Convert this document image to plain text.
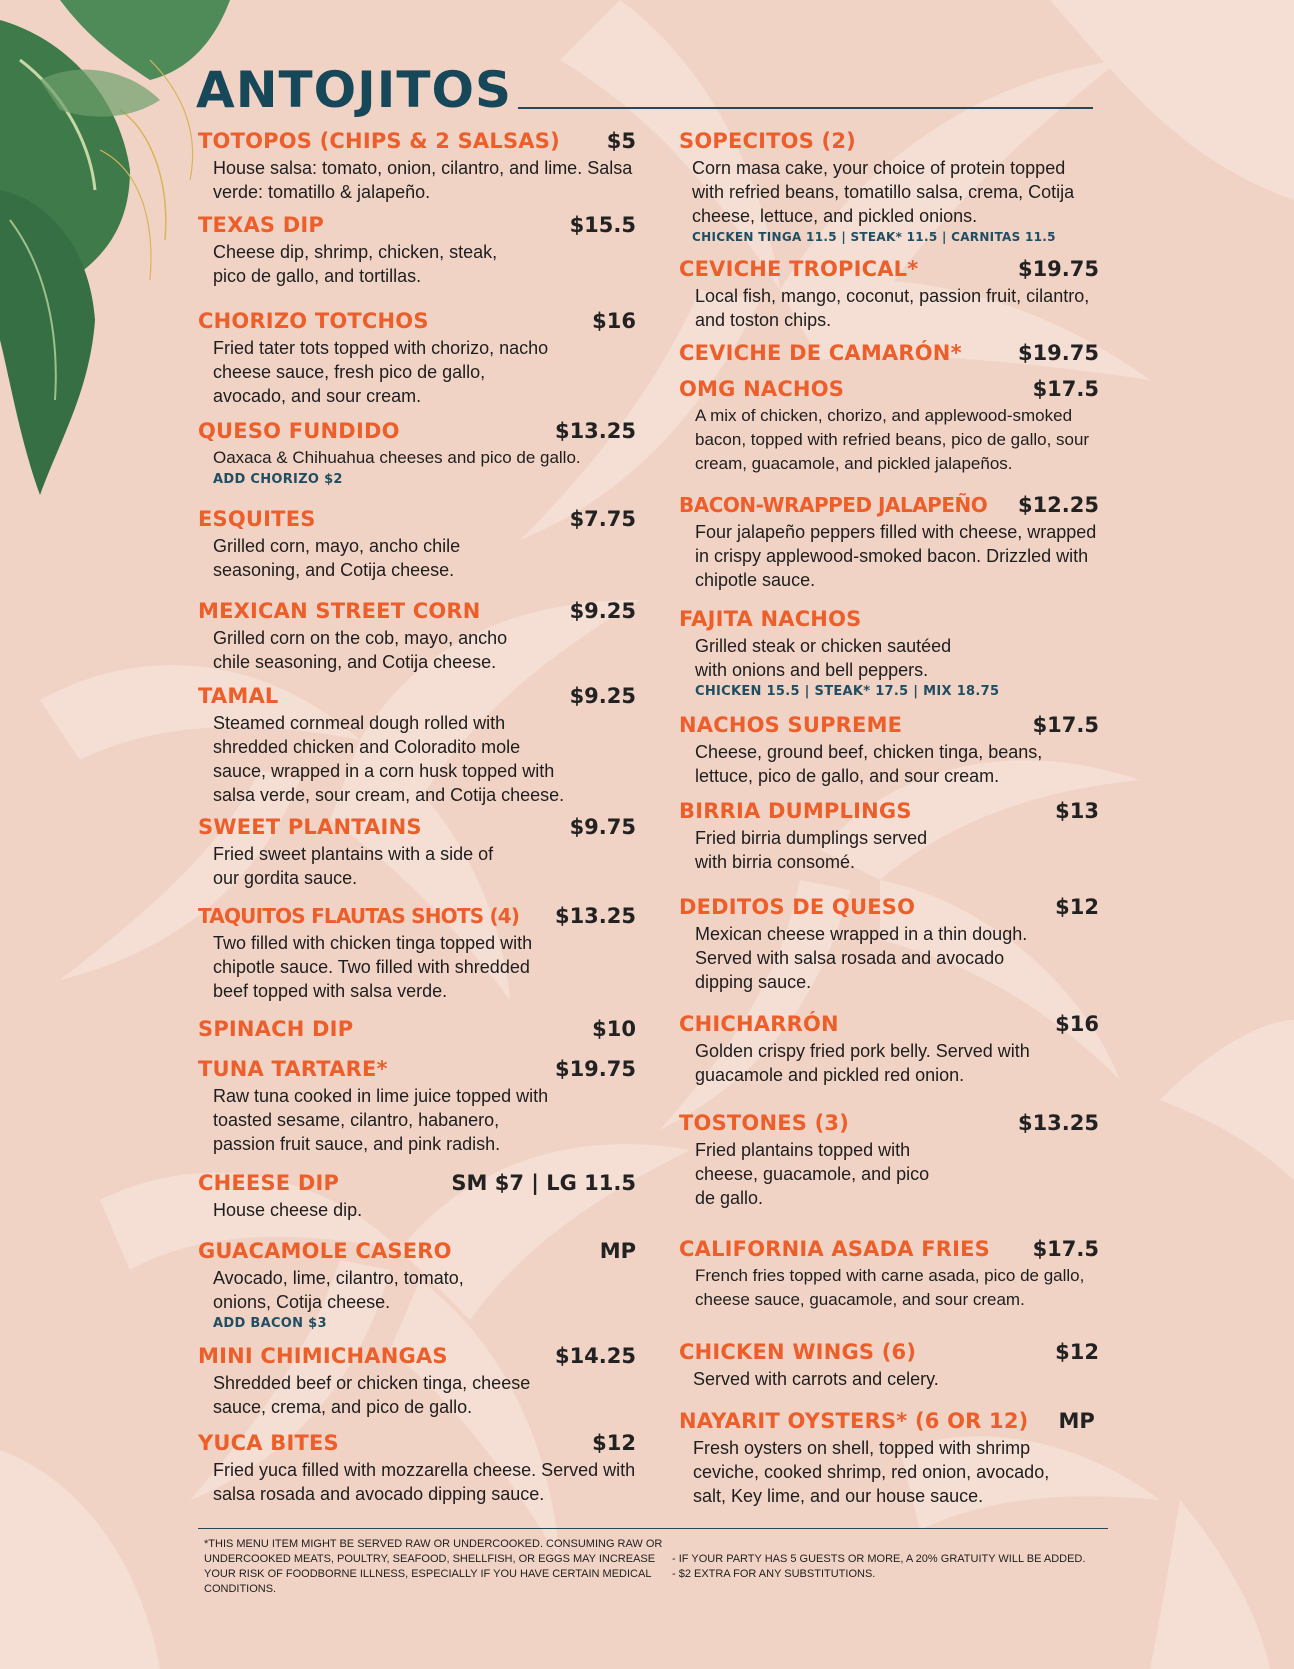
ANTOJITOS
TOTOPOS (CHIPS & 2 SALSAS) $5
House salsa: tomato, onion, cilantro, and lime. Salsa verde: tomatillo & jalapeño.
TEXAS DIP	$15.5
Cheese dip, shrimp, chicken, steak, pico de gallo, and tortillas.
CHORIZO TOTCHOS	$16
Fried tater tots topped with chorizo, nacho cheese sauce, fresh pico de gallo, avocado, and sour cream.
QUESO FUNDIDO	$13.25
Oaxaca & Chihuahua cheeses and pico de gallo.
ADD CHORIZO $2
ESQUITES	$7.75
Grilled corn, mayo, ancho chile seasoning, and Cotija cheese.
MEXICAN STREET CORN	$9.25
Grilled corn on the cob, mayo, ancho chile seasoning, and Cotija cheese.
TAMAL	$9.25
Steamed cornmeal dough rolled with shredded chicken and Coloradito mole sauce, wrapped in a corn husk topped with salsa verde, sour cream, and Cotija cheese.
SWEET PLANTAINS	$9.75
Fried sweet plantains with a side of our gordita sauce.
TAQUITOS FLAUTAS SHOTS (4) $13.25
Two filled with chicken tinga topped with chipotle sauce. Two filled with shredded beef topped with salsa verde.
SPINACH DIP	$10
TUNA TARTARE*	$19.75
Raw tuna cooked in lime juice topped with toasted sesame, cilantro, habanero, passion fruit sauce, and pink radish.
CHEESE DIP	SM $7 | LG 11.5
House cheese dip.
GUACAMOLE CASERO	MP
Avocado, lime, cilantro, tomato, onions, Cotija cheese.
ADD BACON $3
MINI CHIMICHANGAS	$14.25
Shredded beef or chicken tinga, cheese sauce, crema, and pico de gallo.
YUCA BITES	$12
Fried yuca filled with mozzarella cheese. Served with salsa rosada and avocado dipping sauce.
SOPECITOS (2)
Corn masa cake, your choice of protein topped with refried beans, tomatillo salsa, crema, Cotija cheese, lettuce, and pickled onions.
CHICKEN TINGA 11.5 | STEAK* 11.5 | CARNITAS 11.5
CEVICHE TROPICAL*	$19.75
Local fish, mango, coconut, passion fruit, cilantro, and toston chips.
CEVICHE DE CAMARÓN*	$19.75
OMG NACHOS	$17.5
A mix of chicken, chorizo, and applewood-smoked bacon, topped with refried beans, pico de gallo, sour cream, guacamole, and pickled jalapeños.
BACON-WRAPPED JALAPEÑO $12.25
Four jalapeño peppers filled with cheese, wrapped in crispy applewood-smoked bacon. Drizzled with chipotle sauce.
FAJITA NACHOS
Grilled steak or chicken sautéed with onions and bell peppers.
CHICKEN 15.5 | STEAK* 17.5 | MIX 18.75
NACHOS SUPREME	$17.5
Cheese, ground beef, chicken tinga, beans, lettuce, pico de gallo, and sour cream.
BIRRIA DUMPLINGS	$13
Fried birria dumplings served with birria consomé.
DEDITOS DE QUESO	$12
Mexican cheese wrapped in a thin dough. Served with salsa rosada and avocado dipping sauce.
CHICHARRÓN	$16
Golden crispy fried pork belly. Served with guacamole and pickled red onion.
TOSTONES (3)	$13.25
Fried plantains topped with cheese, guacamole, and pico de gallo.
CALIFORNIA ASADA FRIES $17.5
French fries topped with carne asada, pico de gallo, cheese sauce, guacamole, and sour cream.
CHICKEN WINGS (6)	$12
Served with carrots and celery.
NAYARIT OYSTERS* (6 OR 12) MP
Fresh oysters on shell, topped with shrimp ceviche, cooked shrimp, red onion, avocado, salt, Key lime, and our house sauce.
*THIS MENU ITEM MIGHT BE SERVED RAW OR UNDERCOOKED. CONSUMING RAW OR UNDERCOOKED MEATS, POULTRY, SEAFOOD, SHELLFISH, OR EGGS MAY INCREASE YOUR RISK OF FOODBORNE ILLNESS, ESPECIALLY IF YOU HAVE CERTAIN MEDICAL CONDITIONS.
- IF YOUR PARTY HAS 5 GUESTS OR MORE, A 20% GRATUITY WILL BE ADDED.
- $2 EXTRA FOR ANY SUBSTITUTIONS.
